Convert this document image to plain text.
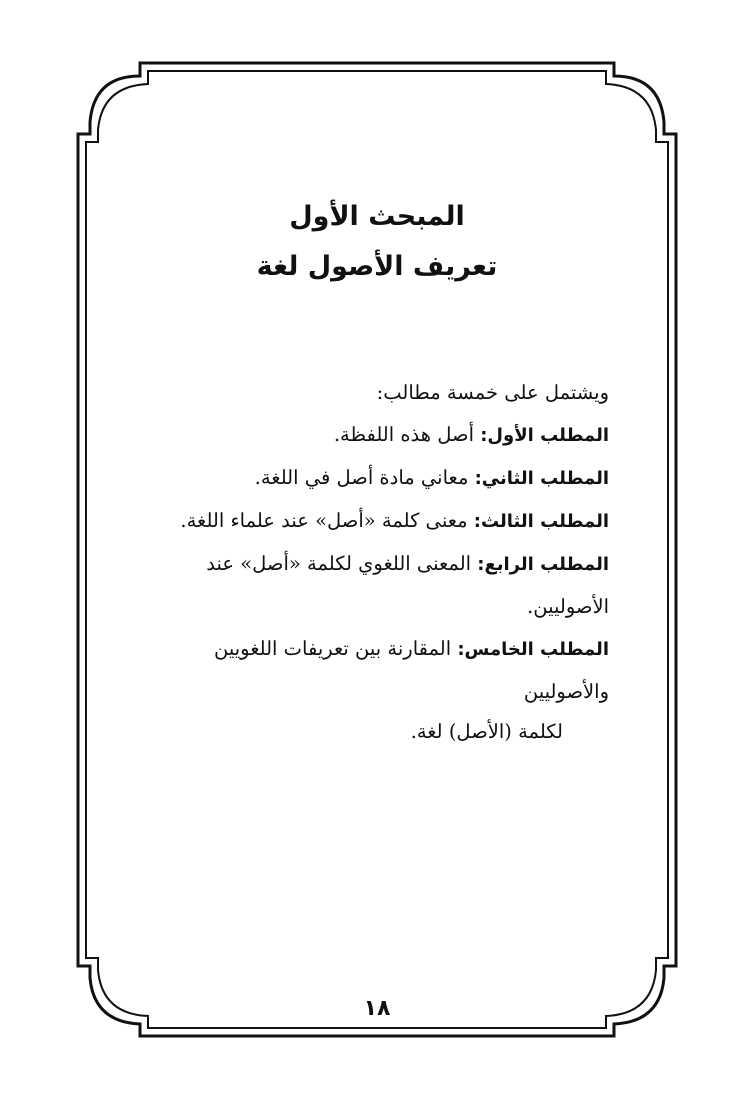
المبحث الأول

تعريف الأصول لغة

ويشتمل على خمسة مطالب:

المطلب الأول: أصل هذه اللفظة.

المطلب الثاني: معاني مادة أصل في اللغة.

المطلب الثالث: معنى كلمة «أصل» عند علماء اللغة.

المطلب الرابع: المعنى اللغوي لكلمة «أصل» عند الأصوليين.

المطلب الخامس: المقارنة بين تعريفات اللغويين والأصوليين
لكلمة (الأصل) لغة.

١٨
